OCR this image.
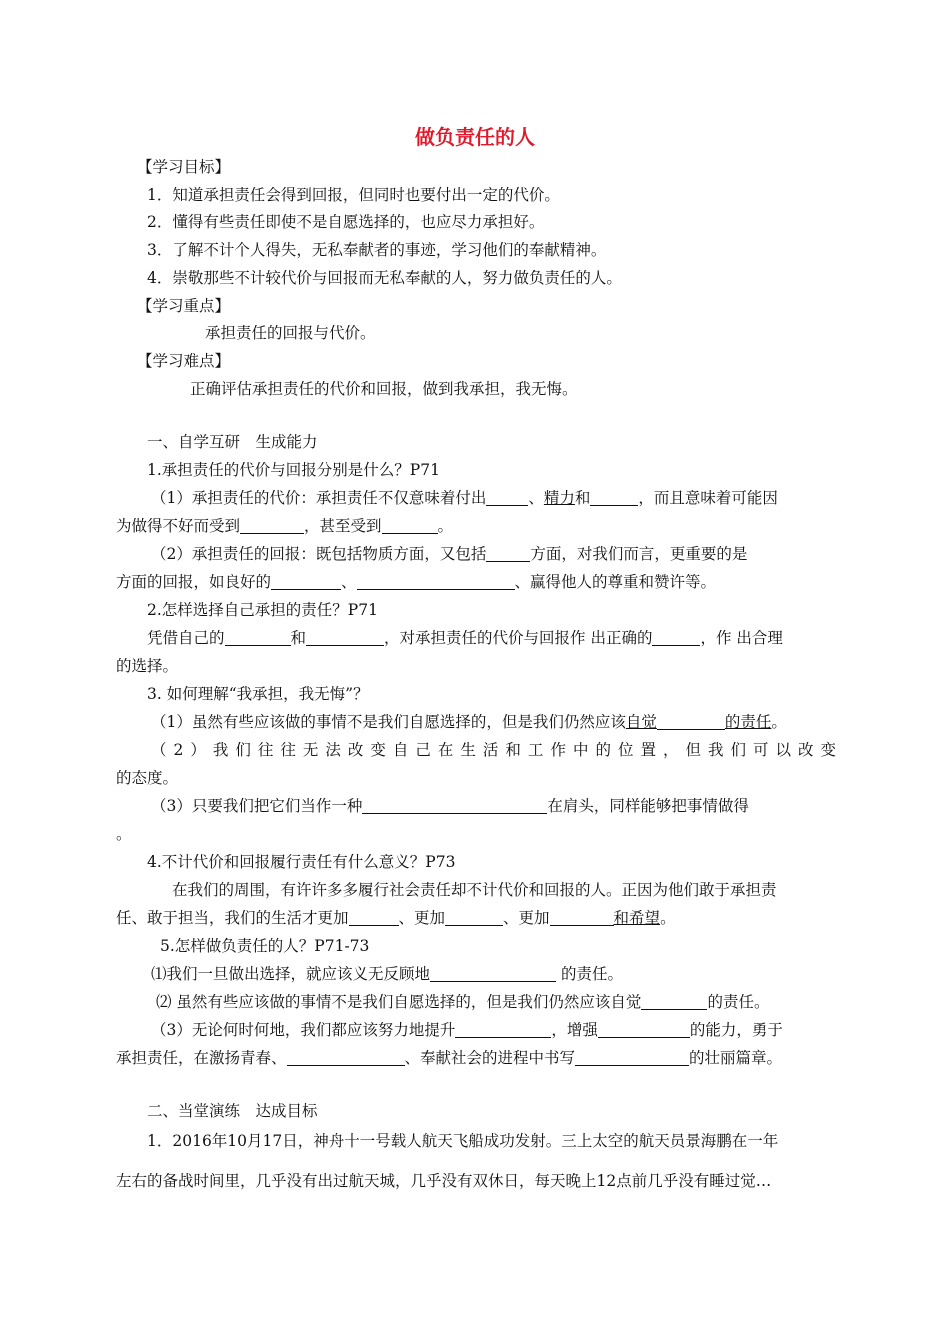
做负责任的人
【学习目标】
1．知道承担责任会得到回报，但同时也要付出一定的代价。
2．懂得有些责任即使不是自愿选择的，也应尽力承担好。
3．了解不计个人得失，无私奉献者的事迹，学习他们的奉献精神。
4．崇敬那些不计较代价与回报而无私奉献的人，努力做负责任的人。
【学习重点】
承担责任的回报与代价。
【学习难点】
正确评估承担责任的代价和回报，做到我承担，我无悔。
一、自学互研　生成能力
1.承担责任的代价与回报分别是什么？P71
（1）承担责任的代价：承担责任不仅意味着付出	、精力和	，而且意味着可能因
为做得不好而受到	，甚至受到	。
（2）承担责任的回报：既包括物质方面，又包括	方面，对我们而言，更重要的是
方面的回报，如良好的	、	、赢得他人的尊重和赞许等。
2.怎样选择自己承担的责任？P71
凭借自己的	和	，对承担责任的代价与回报作 出正确的	，作 出合理
的选择。
3. 如何理解“我承担，我无悔”？
（1）虽然有些应该做的事情不是我们自愿选择的，但是我们仍然应该自觉	的责任。
（2）我们往往无法改变自己在生活和工作中的位置，但我们可以改变
的态度。
（3）只要我们把它们当作一种	在肩头，同样能够把事情做得
。
4.不计代价和回报履行责任有什么意义？P73
在我们的周围，有许许多多履行社会责任却不计代价和回报的人。正因为他们敢于承担责
任、敢于担当，我们的生活才更加	、更加	、更加	和希望。
5.怎样做负责任的人？P71-73
⑴我们一旦做出选择，就应该义无反顾地	的责任。
⑵ 虽然有些应该做的事情不是我们自愿选择的，但是我们仍然应该自觉	的责任。
（3）无论何时何地，我们都应该努力地提升	，增强	的能力，勇于
承担责任，在激扬青春、	、奉献社会的进程中书写	的壮丽篇章。
二、当堂演练　达成目标
1．2016年10月17日，神舟十一号载人航天飞船成功发射。三上太空的航天员景海鹏在一年
左右的备战时间里，几乎没有出过航天城，几乎没有双休日，每天晚上12点前几乎没有睡过觉…
